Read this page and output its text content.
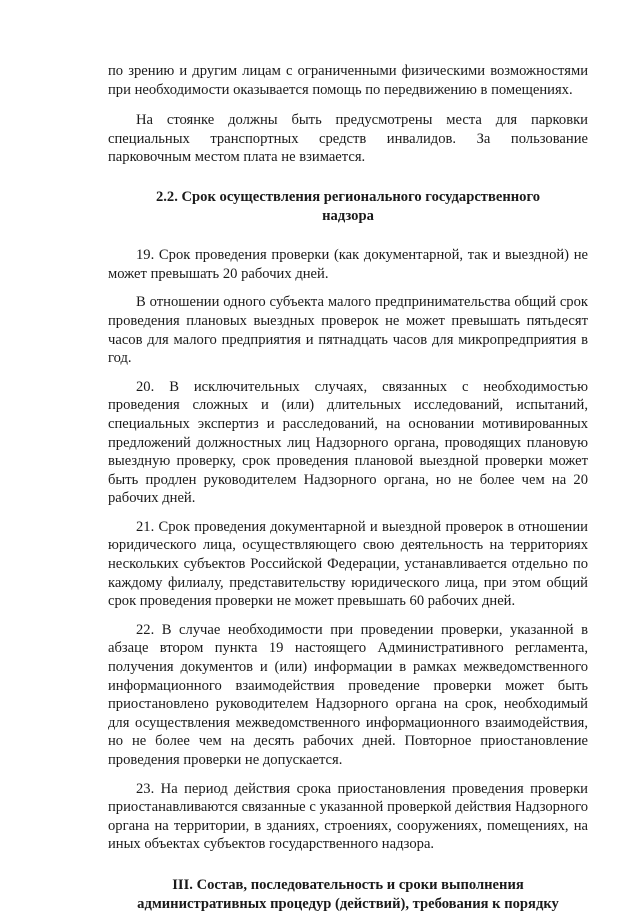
по зрению и другим лицам с ограниченными физическими возможностями при необходимости оказывается помощь по передвижению в помещениях.

На стоянке должны быть предусмотрены места для парковки специальных транспортных средств инвалидов. За пользование парковочным местом плата не взимается.

2.2. Срок осуществления регионального государственного

надзора

19. Срок проведения проверки (как документарной, так и выездной) не может превышать 20 рабочих дней.

В отношении одного субъекта малого предпринимательства общий срок проведения плановых выездных проверок не может превышать пятьдесят часов для малого предприятия и пятнадцать часов для микропредприятия в год.

20. В исключительных случаях, связанных с необходимостью проведения сложных и (или) длительных исследований, испытаний, специальных экспертиз и расследований, на основании мотивированных предложений должностных лиц Надзорного органа, проводящих плановую выездную проверку, срок проведения плановой выездной проверки может быть продлен руководителем Надзорного органа, но не более чем на 20 рабочих дней.

21. Срок проведения документарной и выездной проверок в отношении юридического лица, осуществляющего свою деятельность на территориях нескольких субъектов Российской Федерации, устанавливается отдельно по каждому филиалу, представительству юридического лица, при этом общий срок проведения проверки не может превышать 60 рабочих дней.

22. В случае необходимости при проведении проверки, указанной в абзаце втором пункта 19 настоящего Административного регламента, получения документов и (или) информации в рамках межведомственного информационного взаимодействия проведение проверки может быть приостановлено руководителем Надзорного органа на срок, необходимый для осуществления межведомственного информационного взаимодействия, но не более чем на десять рабочих дней. Повторное приостановление проведения проверки не допускается.

23. На период действия срока приостановления проведения проверки приостанавливаются связанные с указанной проверкой действия Надзорного органа на территории, в зданиях, строениях, сооружениях, помещениях, на иных объектах субъектов государственного надзора.

III. Состав, последовательность и сроки выполнения

административных процедур (действий), требования к порядку
